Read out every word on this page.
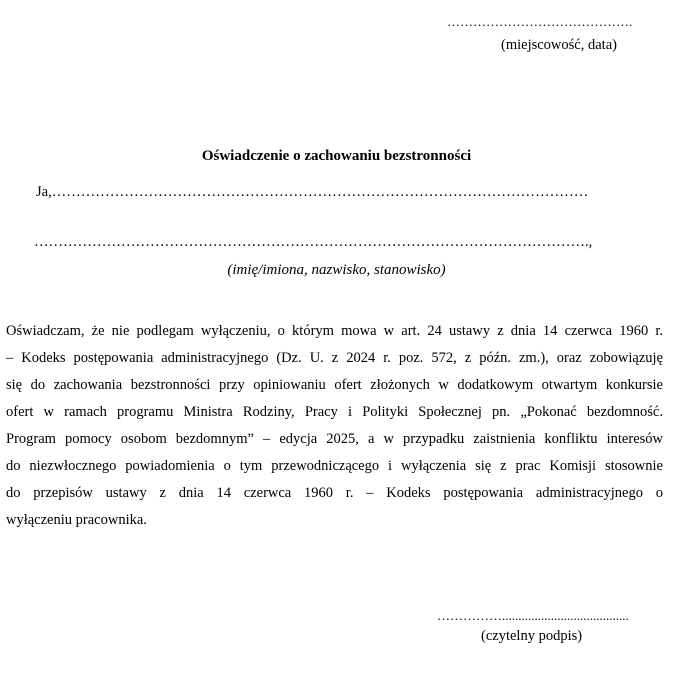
…………………………………….
(miejscowość, data)
Oświadczenie o zachowaniu bezstronności
Ja,…………………………………………………………………………………………………
…………………………………………………………………………………………………….,
(imię/imiona, nazwisko, stanowisko)
Oświadczam, że nie podlegam wyłączeniu, o którym mowa w art. 24 ustawy z dnia 14 czerwca 1960 r.
– Kodeks postępowania administracyjnego (Dz. U. z 2024 r. poz. 572, z późn. zm.), oraz zobowiązuję
się do zachowania bezstronności przy opiniowaniu ofert złożonych w dodatkowym otwartym konkursie
ofert w ramach programu Ministra Rodziny, Pracy i Polityki Społecznej pn. „Pokonać bezdomność.
Program pomocy osobom bezdomnym” – edycja 2025, a w przypadku zaistnienia konfliktu interesów
do niezwłocznego powiadomienia o tym przewodniczącego i wyłączenia się z prac Komisji stosownie
do przepisów ustawy z dnia 14 czerwca 1960 r. – Kodeks postępowania administracyjnego o
wyłączeniu pracownika.
…………….......................................
(czytelny podpis)
